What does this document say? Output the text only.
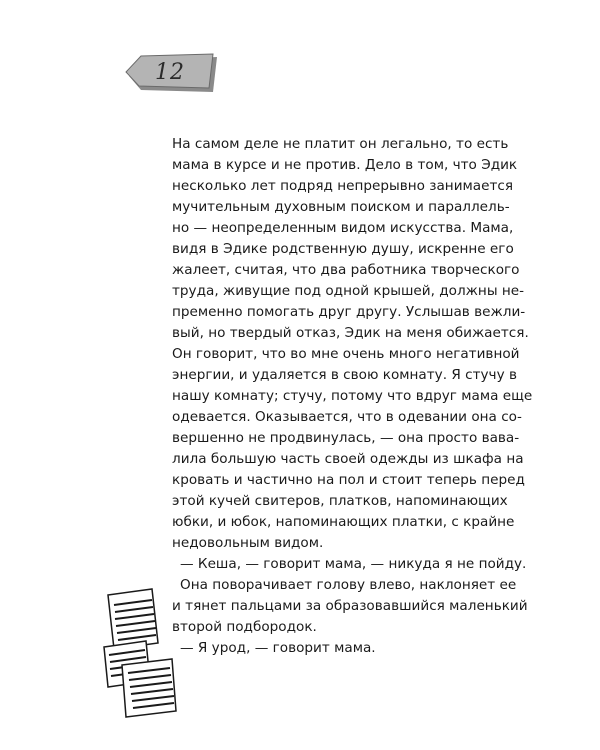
12
На самом деле не платит он легально, то есть
мама в курсе и не против. Дело в том, что Эдик
несколько лет подряд непрерывно занимается
мучительным духовным поиском и параллель-
но — неопределенным видом искусства. Мама,
видя в Эдике родственную душу, искренне его
жалеет, считая, что два работника творческого
труда, живущие под одной крышей, должны не-
пременно помогать друг другу. Услышав вежли-
вый, но твердый отказ, Эдик на меня обижается.
Он говорит, что во мне очень много негативной
энергии, и удаляется в свою комнату. Я стучу в
нашу комнату; стучу, потому что вдруг мама еще
одевается. Оказывается, что в одевании она со-
вершенно не продвинулась, — она просто вава-
лила большую часть своей одежды из шкафа на
кровать и частично на пол и стоит теперь перед
этой кучей свитеров, платков, напоминающих
юбки, и юбок, напоминающих платки, с крайне
недовольным видом.
— Кеша, — говорит мама, — никуда я не пойду.
Она поворачивает голову влево, наклоняет ее
и тянет пальцами за образовавшийся маленький
второй подбородок.
— Я урод, — говорит мама.
